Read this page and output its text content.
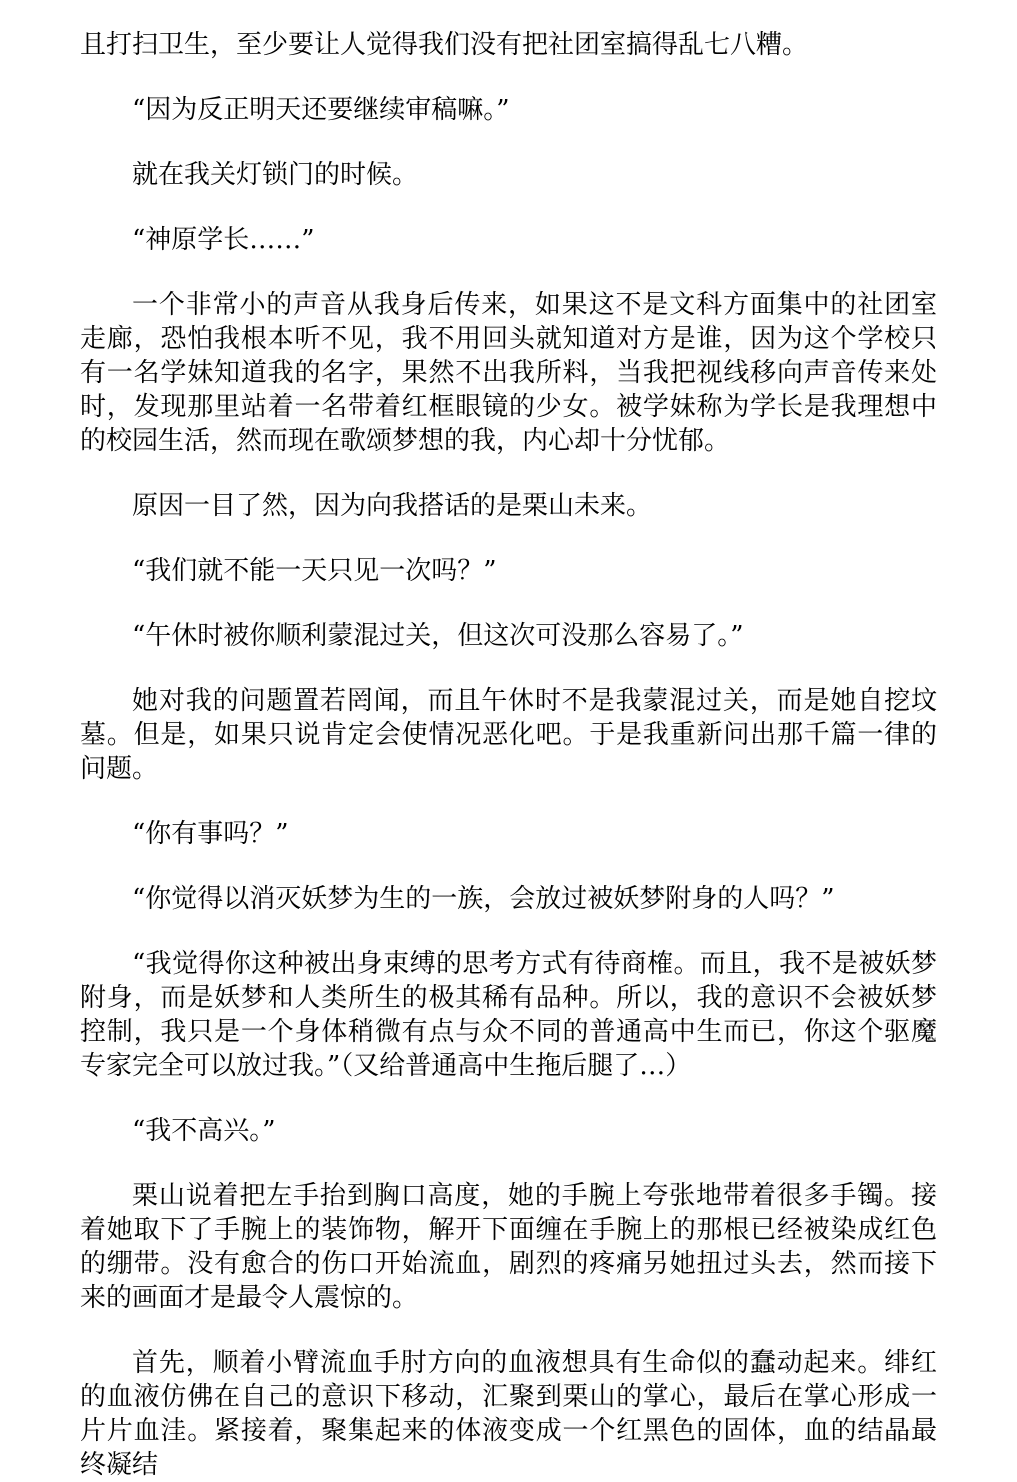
且打扫卫生，至少要让人觉得我们没有把社团室搞得乱七八糟。

“因为反正明天还要继续审稿嘛。”

就在我关灯锁门的时候。

“神原学长……”

一个非常小的声音从我身后传来，如果这不是文科方面集中的社团室走廊，恐怕我根本听不见，我不用回头就知道对方是谁，因为这个学校只有一名学妹知道我的名字，果然不出我所料，当我把视线移向声音传来处时，发现那里站着一名带着红框眼镜的少女。被学妹称为学长是我理想中的校园生活，然而现在歌颂梦想的我，内心却十分忧郁。

原因一目了然，因为向我搭话的是栗山未来。

“我们就不能一天只见一次吗？”

“午休时被你顺利蒙混过关，但这次可没那么容易了。”

她对我的问题置若罔闻，而且午休时不是我蒙混过关，而是她自挖坟墓。但是，如果只说肯定会使情况恶化吧。于是我重新问出那千篇一律的问题。

“你有事吗？”

“你觉得以消灭妖梦为生的一族，会放过被妖梦附身的人吗？”

“我觉得你这种被出身束缚的思考方式有待商榷。而且，我不是被妖梦附身，而是妖梦和人类所生的极其稀有品种。所以，我的意识不会被妖梦控制，我只是一个身体稍微有点与众不同的普通高中生而已，你这个驱魔专家完全可以放过我。”（又给普通高中生拖后腿了…）

“我不高兴。”

栗山说着把左手抬到胸口高度，她的手腕上夸张地带着很多手镯。接着她取下了手腕上的装饰物，解开下面缠在手腕上的那根已经被染成红色的绷带。没有愈合的伤口开始流血，剧烈的疼痛另她扭过头去，然而接下来的画面才是最令人震惊的。

首先，顺着小臂流血手肘方向的血液想具有生命似的蠢动起来。绯红的血液仿佛在自己的意识下移动，汇聚到栗山的掌心，最后在掌心形成一片片血洼。紧接着，聚集起来的体液变成一个红黑色的固体，血的结晶最终凝结
